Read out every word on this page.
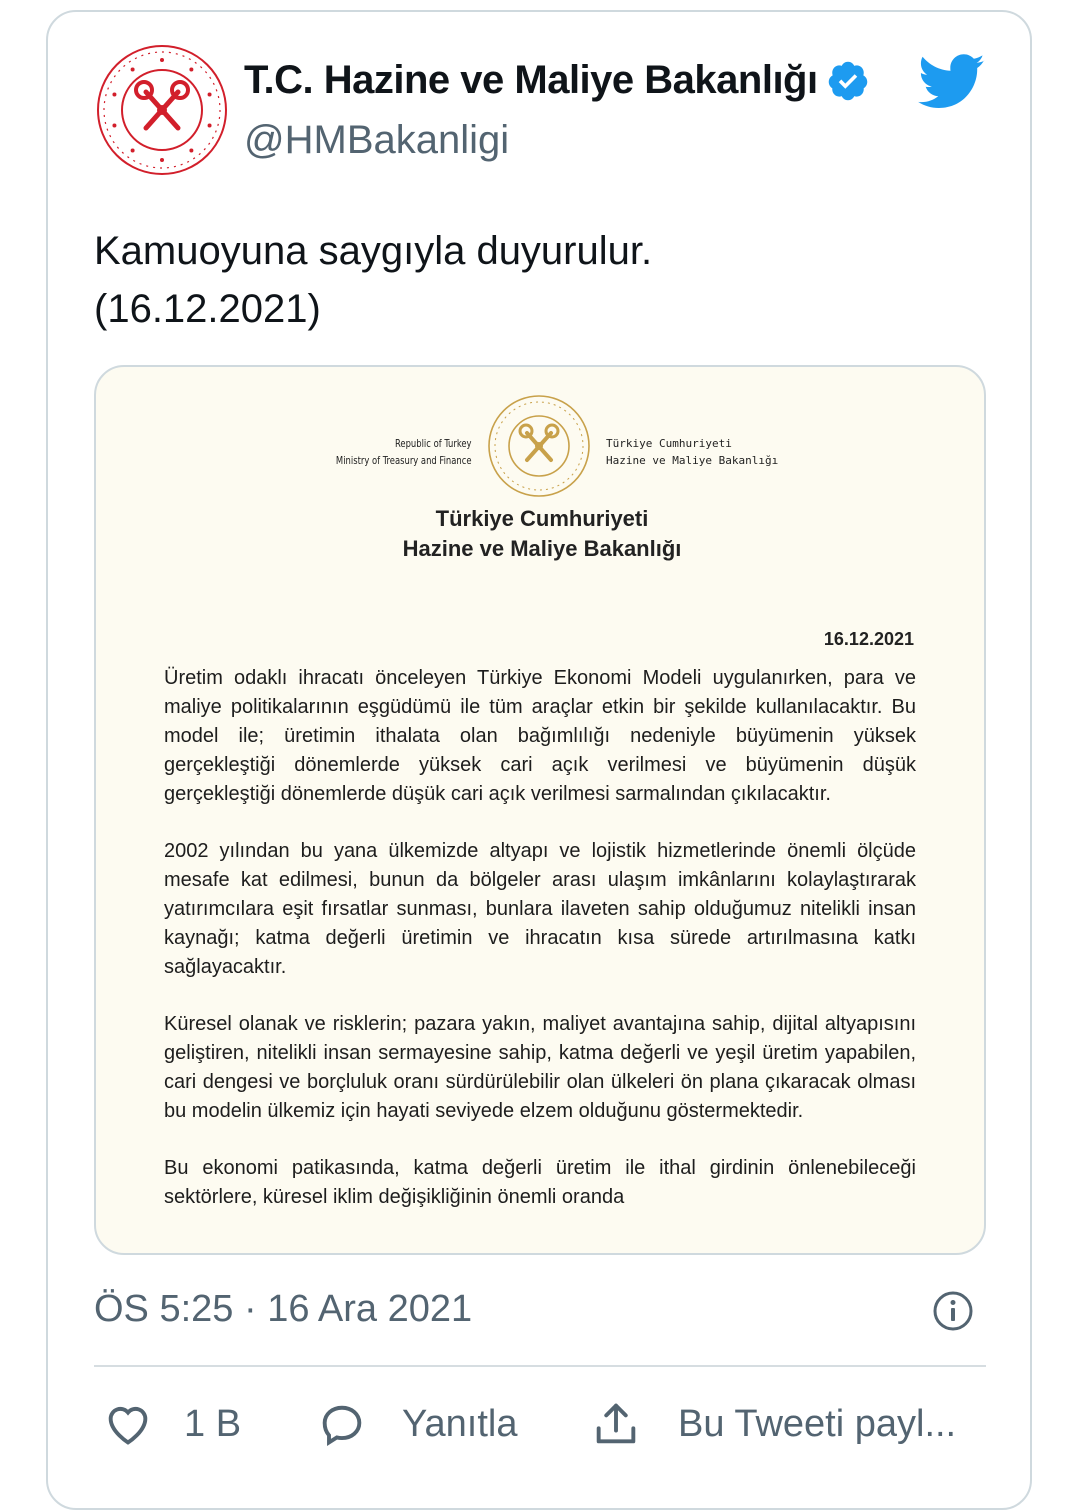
T.C. Hazine ve Maliye Bakanlığı
@HMBakanligi
Kamuoyuna saygıyla duyurulur.
(16.12.2021)
Republic of Turkey
Ministry of Treasury and Finance
Türkiye Cumhuriyeti
Hazine ve Maliye Bakanlığı
Türkiye Cumhuriyeti
Hazine ve Maliye Bakanlığı
16.12.2021

Üretim odaklı ihracatı önceleyen Türkiye Ekonomi Modeli uygulanırken, para ve maliye politikalarının eşgüdümü ile tüm araçlar etkin bir şekilde kullanılacaktır. Bu model ile; üretimin ithalata olan bağımlılığı nedeniyle büyümenin yüksek gerçekleştiği dönemlerde yüksek cari açık verilmesi ve büyümenin düşük gerçekleştiği dönemlerde düşük cari açık verilmesi sarmalından çıkılacaktır.

2002 yılından bu yana ülkemizde altyapı ve lojistik hizmetlerinde önemli ölçüde mesafe kat edilmesi, bunun da bölgeler arası ulaşım imkânlarını kolaylaştırarak yatırımcılara eşit fırsatlar sunması, bunlara ilaveten sahip olduğumuz nitelikli insan kaynağı; katma değerli üretimin ve ihracatın kısa sürede artırılmasına katkı sağlayacaktır.

Küresel olanak ve risklerin; pazara yakın, maliyet avantajına sahip, dijital altyapısını geliştiren, nitelikli insan sermayesine sahip, katma değerli ve yeşil üretim yapabilen, cari dengesi ve borçluluk oranı sürdürülebilir olan ülkeleri ön plana çıkaracak olması bu modelin ülkemiz için hayati seviyede elzem olduğunu göstermektedir.

Bu ekonomi patikasında, katma değerli üretim ile ithal girdinin önlenebileceği sektörlere, küresel iklim değişikliğinin önemli oranda

ÖS 5:25 · 16 Ara 2021
1 B	Yanıtla	Bu Tweeti payl...
